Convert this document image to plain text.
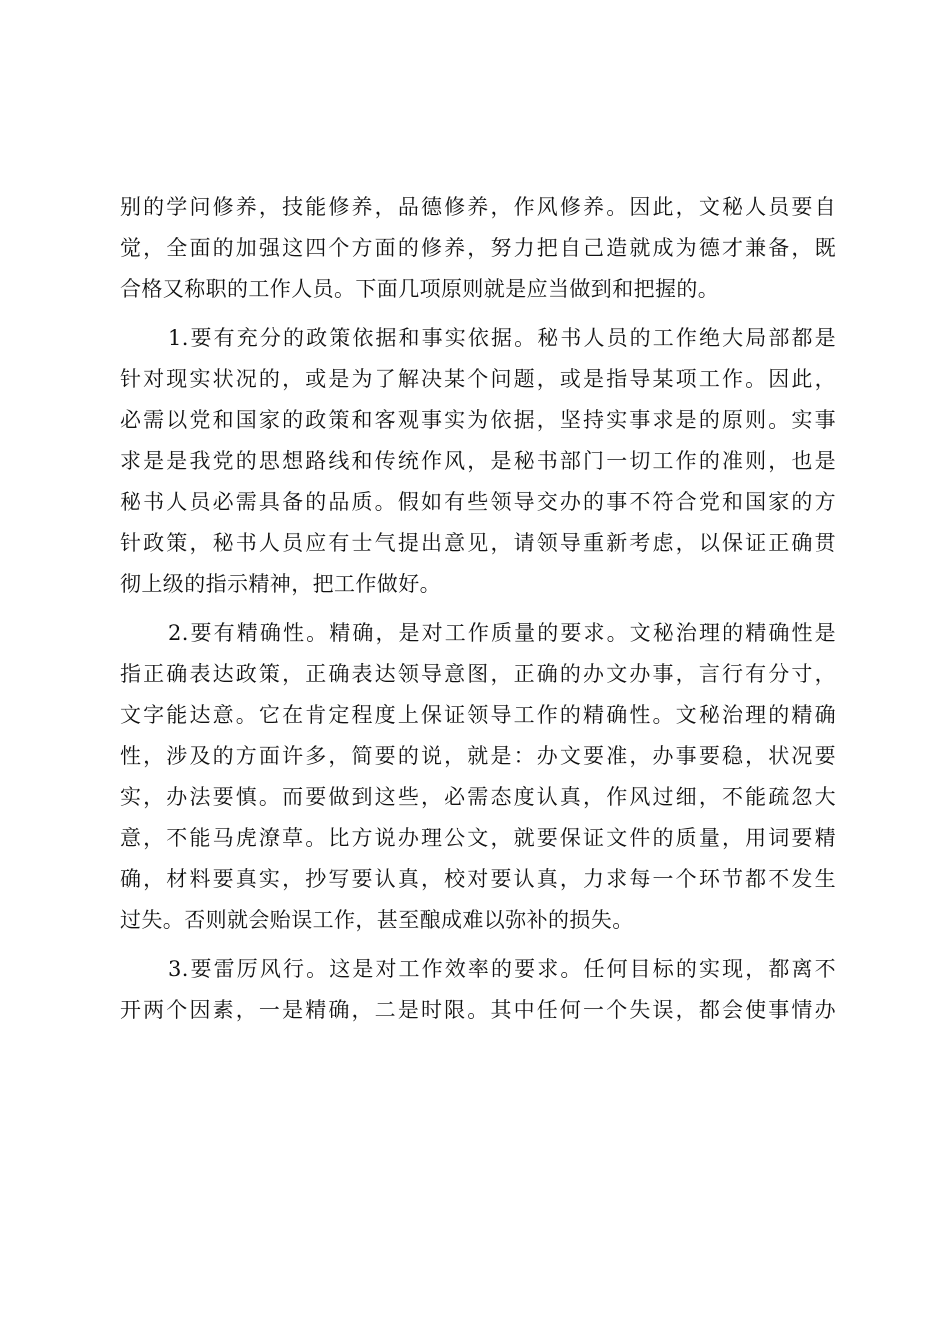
别的学问修养，技能修养，品德修养，作风修养。因此，文秘人员要自
觉，全面的加强这四个方面的修养，努力把自己造就成为德才兼备，既
合格又称职的工作人员。下面几项原则就是应当做到和把握的。
1.要有充分的政策依据和事实依据。秘书人员的工作绝大局部都是
针对现实状况的，或是为了解决某个问题，或是指导某项工作。因此，
必需以党和国家的政策和客观事实为依据，坚持实事求是的原则。实事
求是是我党的思想路线和传统作风，是秘书部门一切工作的准则，也是
秘书人员必需具备的品质。假如有些领导交办的事不符合党和国家的方
针政策，秘书人员应有士气提出意见，请领导重新考虑，以保证正确贯
彻上级的指示精神，把工作做好。
2.要有精确性。精确，是对工作质量的要求。文秘治理的精确性是
指正确表达政策，正确表达领导意图，正确的办文办事，言行有分寸，
文字能达意。它在肯定程度上保证领导工作的精确性。文秘治理的精确
性，涉及的方面许多，简要的说，就是：办文要准，办事要稳，状况要
实，办法要慎。而要做到这些，必需态度认真，作风过细，不能疏忽大
意，不能马虎潦草。比方说办理公文，就要保证文件的质量，用词要精
确，材料要真实，抄写要认真，校对要认真，力求每一个环节都不发生
过失。否则就会贻误工作，甚至酿成难以弥补的损失。
3.要雷厉风行。这是对工作效率的要求。任何目标的实现，都离不
开两个因素，一是精确，二是时限。其中任何一个失误，都会使事情办
